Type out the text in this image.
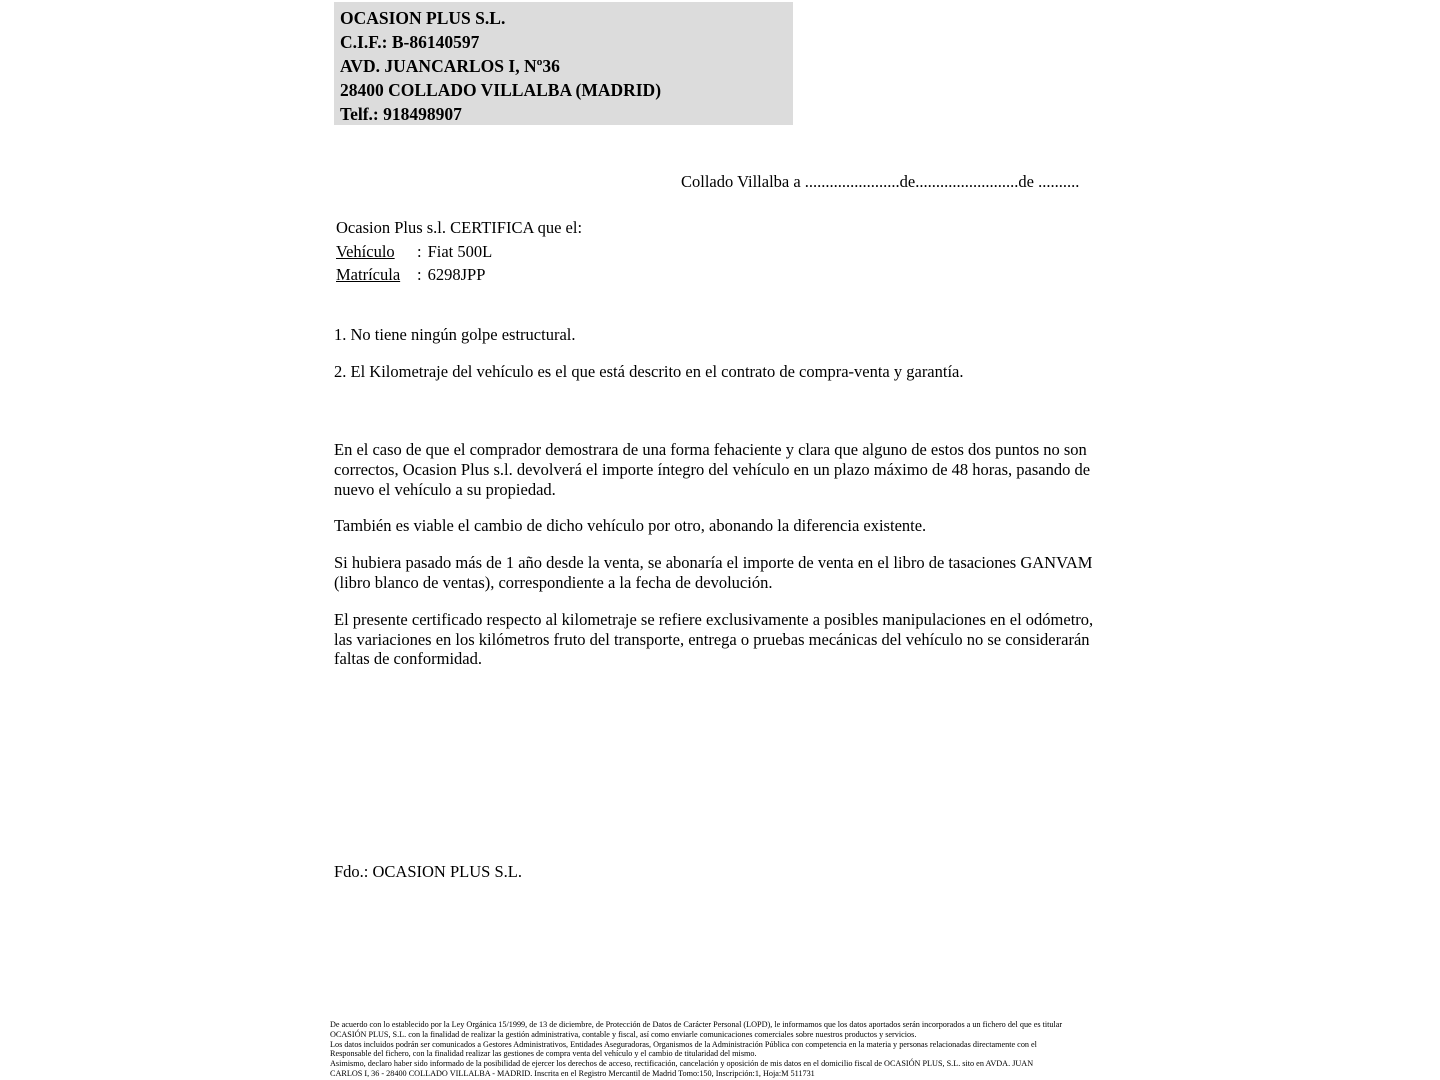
OCASION PLUS S.L.
C.I.F.: B-86140597
AVD. JUANCARLOS I, Nº36
28400 COLLADO VILLALBA (MADRID)
Telf.: 918498907
Collado Villalba a .......................de.........................de ..........
Ocasion Plus s.l. CERTIFICA que el:
Vehículo : Fiat 500L
Matrícula : 6298JPP
1. No tiene ningún golpe estructural.
2. El Kilometraje del vehículo es el que está descrito en el contrato de compra-venta y garantía.

En el caso de que el comprador demostrara de una forma fehaciente y clara que alguno de estos dos puntos no son correctos, Ocasion Plus s.l. devolverá el importe íntegro del vehículo en un plazo máximo de 48 horas, pasando de nuevo el vehículo a su propiedad.

También es viable el cambio de dicho vehículo por otro, abonando la diferencia existente.

Si hubiera pasado más de 1 año desde la venta, se abonaría el importe de venta en el libro de tasaciones GANVAM (libro blanco de ventas), correspondiente a la fecha de devolución.

El presente certificado respecto al kilometraje se refiere exclusivamente a posibles manipulaciones en el odómetro, las variaciones en los kilómetros fruto del transporte, entrega o pruebas mecánicas del vehículo no se considerarán faltas de conformidad.

Fdo.: OCASION PLUS S.L.
De acuerdo con lo establecido por la Ley Orgánica 15/1999, de 13 de diciembre, de Protección de Datos de Carácter Personal (LOPD), le informamos que los datos aportados serán incorporados a un fichero del que es titular
OCASIÓN PLUS, S.L. con la finalidad de realizar la gestión administrativa, contable y fiscal, así como enviarle comunicaciones comerciales sobre nuestros productos y servicios.
Los datos incluidos podrán ser comunicados a Gestores Administrativos, Entidades Aseguradoras, Organismos de la Administración Pública con competencia en la materia y personas relacionadas directamente con el
Responsable del fichero, con la finalidad realizar las gestiones de compra venta del vehículo y el cambio de titularidad del mismo.
Asimismo, declaro haber sido informado de la posibilidad de ejercer los derechos de acceso, rectificación, cancelación y oposición de mis datos en el domicilio fiscal de OCASIÓN PLUS, S.L. sito en AVDA. JUAN
CARLOS I, 36 - 28400 COLLADO VILLALBA - MADRID. Inscrita en el Registro Mercantil de Madrid Tomo:150, Inscripción:1, Hoja:M 511731
